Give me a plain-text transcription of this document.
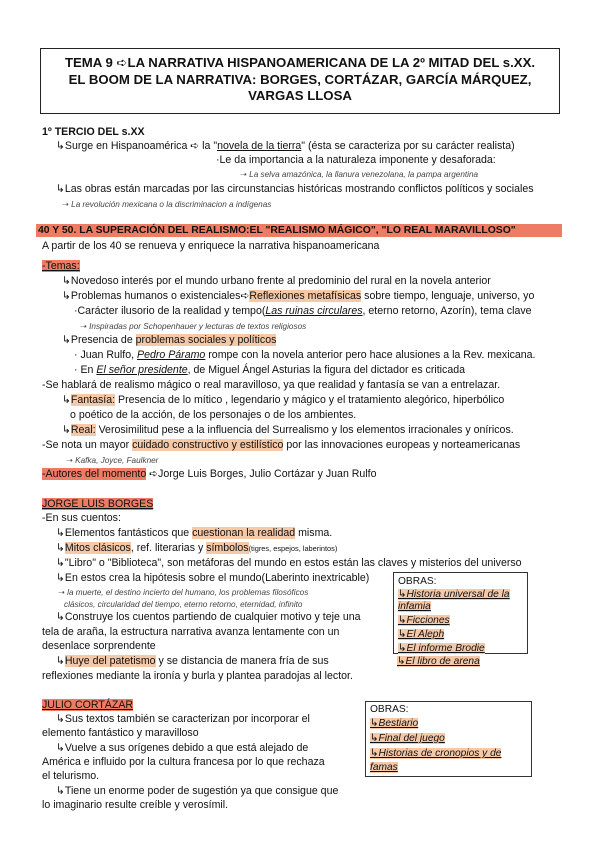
TEMA 9 ➪LA NARRATIVA HISPANOAMERICANA DE LA 2º MITAD DEL s.XX.
EL BOOM DE LA NARRATIVA: BORGES, CORTÁZAR, GARCÍA MÁRQUEZ,
VARGAS LLOSA
1º TERCIO DEL s.XX
↳Surge en Hispanoamérica ➪ la "novela de la tierra" (ésta se caracteriza por su carácter realista)
·Le da importancia a la naturaleza imponente y desaforada:
➝ La selva amazónica, la llanura venezolana, la pampa argentina
↳Las obras están marcadas por las circunstancias históricas mostrando conflictos políticos y sociales
➝ La revolución mexicana o la discriminacion a indígenas
40 Y 50. LA SUPERACIÓN DEL REALISMO:EL "REALISMO MÁGICO", "LO REAL MARAVILLOSO"
A partir de los 40 se renueva y enriquece la narrativa hispanoamericana
-Temas:
↳Novedoso interés por el mundo urbano frente al predominio del rural en la novela anterior
↳Problemas humanos o existenciales➪Reflexiones metafísicas sobre tiempo, lenguaje, universo, yo
·Carácter ilusorio de la realidad y tempo(Las ruinas circulares, eterno retorno, Azorín), tema clave
➝ Inspiradas por Schopenhauer y lecturas de textos religiosos
↳Presencia de problemas sociales y políticos
· Juan Rulfo, Pedro Páramo rompe con la novela anterior pero hace alusiones a la Rev. mexicana.
· En El señor presidente, de Miguel Ángel Asturias la figura del dictador es criticada
-Se hablará de realismo mágico o real maravilloso, ya que realidad y fantasía se van a entrelazar.
↳Fantasía: Presencia de lo mítico , legendario y mágico y el tratamiento alegórico, hiperbólico
o poético de la acción, de los personajes o de los ambientes.
↳Real: Verosimilitud pese a la influencia del Surrealismo y los elementos irracionales y oníricos.
-Se nota un mayor cuidado constructivo y estilístico por las innovaciones europeas y norteamericanas
➝ Kafka, Joyce, Faulkner
-Autores del momento ➪Jorge Luis Borges, Julio Cortázar y Juan Rulfo
JORGE LUIS BORGES
-En sus cuentos:
↳Elementos fantásticos que cuestionan la realidad misma.
↳Mitos clásicos, ref. literarias y símbolos(tigres, espejos, laberintos)
↳"Libro" o "Biblioteca", son metáforas del mundo en estos están las claves y misterios del universo
↳En estos crea la hipótesis sobre el mundo(Laberinto inextricable)
➝ la muerte, el destino incierto del humano, los problemas filosóficos
clásicos, circularidad del tiempo, eterno retorno, eternidad, infinito
↳Construye los cuentos partiendo de cualquier motivo y teje una
tela de araña, la estructura narrativa avanza lentamente con un
desenlace sorprendente
↳Huye del patetismo y se distancia de manera fría de sus
reflexiones mediante la ironía y burla y plantea paradojas al lector.
OBRAS:
↳Historia universal de la
infamia
↳Ficciones
↳El Aleph
↳El informe Brodie
↳El libro de arena
JULIO CORTÁZAR
↳Sus textos también se caracterizan por incorporar el
elemento fantástico y maravilloso
↳Vuelve a sus orígenes debido a que está alejado de
América e influido por la cultura francesa por lo que rechaza
el telurismo.
↳Tiene un enorme poder de sugestión ya que consigue que
lo imaginario resulte creíble y verosímil.
OBRAS:
↳Bestiario
↳Final del juego
↳Historias de cronopios y de
famas
